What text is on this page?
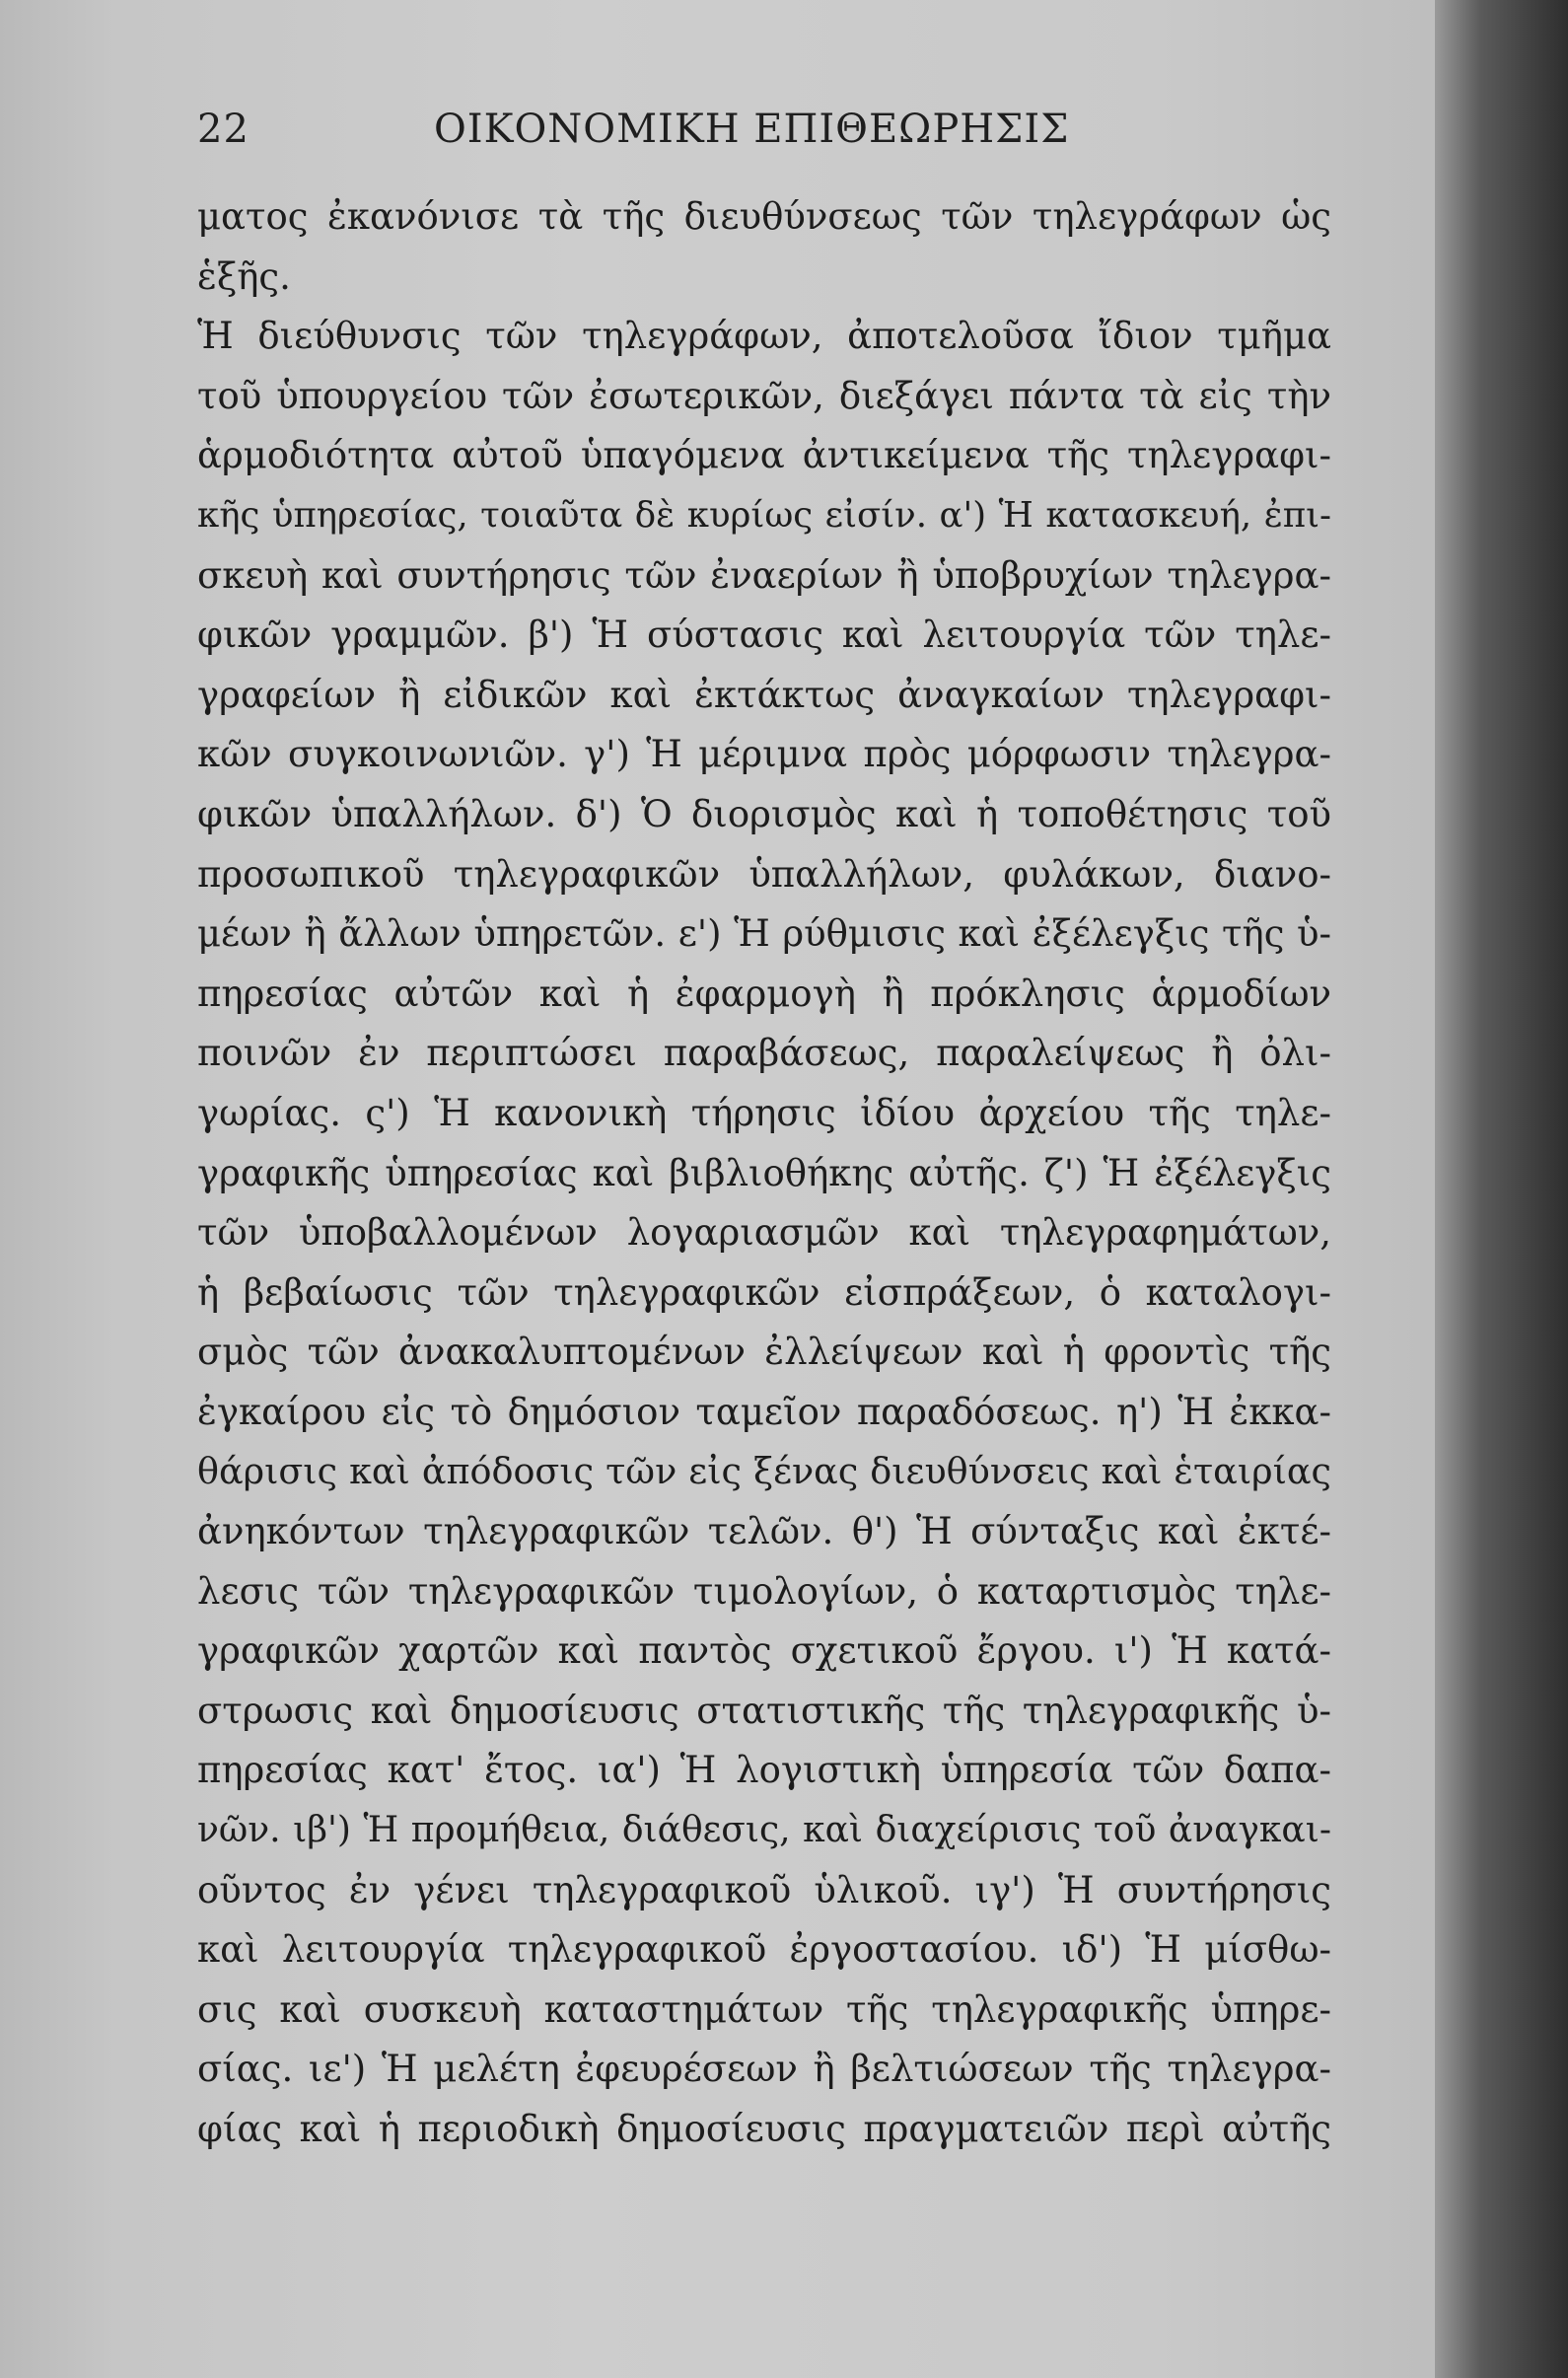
22	ΟΙΚΟΝΟΜΙΚΗ ΕΠΙΘΕΩΡΗΣΙΣ
ματος ἐκανόνισε τὰ τῆς διευθύνσεως τῶν τηλεγράφων ὡς
ἑξῆς.
Ἡ διεύθυνσις τῶν τηλεγράφων, ἀποτελοῦσα ἴδιον τμῆμα
τοῦ ὑπουργείου τῶν ἐσωτερικῶν, διεξάγει πάντα τὰ εἰς τὴν
ἁρμοδιότητα αὐτοῦ ὑπαγόμενα ἀντικείμενα τῆς τηλεγραφι-
κῆς ὑπηρεσίας, τοιαῦτα δὲ κυρίως εἰσίν. α') Ἡ κατασκευή, ἐπι-
σκευὴ καὶ συντήρησις τῶν ἐναερίων ἢ ὑποβρυχίων τηλεγρα-
φικῶν γραμμῶν. β') Ἡ σύστασις καὶ λειτουργία τῶν τηλε-
γραφείων ἢ εἰδικῶν καὶ ἐκτάκτως ἀναγκαίων τηλεγραφι-
κῶν συγκοινωνιῶν. γ') Ἡ μέριμνα πρὸς μόρφωσιν τηλεγρα-
φικῶν ὑπαλλήλων. δ') Ὁ διορισμὸς καὶ ἡ τοποθέτησις τοῦ
προσωπικοῦ τηλεγραφικῶν ὑπαλλήλων, φυλάκων, διανο-
μέων ἢ ἄλλων ὑπηρετῶν. ε') Ἡ ρύθμισις καὶ ἐξέλεγξις τῆς ὑ-
πηρεσίας αὐτῶν καὶ ἡ ἐφαρμογὴ ἢ πρόκλησις ἁρμοδίων
ποινῶν ἐν περιπτώσει παραβάσεως, παραλείψεως ἢ ὀλι-
γωρίας. ς') Ἡ κανονικὴ τήρησις ἰδίου ἀρχείου τῆς τηλε-
γραφικῆς ὑπηρεσίας καὶ βιβλιοθήκης αὐτῆς. ζ') Ἡ ἐξέλεγξις
τῶν ὑποβαλλομένων λογαριασμῶν καὶ τηλεγραφημάτων,
ἡ βεβαίωσις τῶν τηλεγραφικῶν εἰσπράξεων, ὁ καταλογι-
σμὸς τῶν ἀνακαλυπτομένων ἐλλείψεων καὶ ἡ φροντὶς τῆς
ἐγκαίρου εἰς τὸ δημόσιον ταμεῖον παραδόσεως. η') Ἡ ἐκκα-
θάρισις καὶ ἀπόδοσις τῶν εἰς ξένας διευθύνσεις καὶ ἑταιρίας
ἀνηκόντων τηλεγραφικῶν τελῶν. θ') Ἡ σύνταξις καὶ ἐκτέ-
λεσις τῶν τηλεγραφικῶν τιμολογίων, ὁ καταρτισμὸς τηλε-
γραφικῶν χαρτῶν καὶ παντὸς σχετικοῦ ἔργου. ι') Ἡ κατά-
στρωσις καὶ δημοσίευσις στατιστικῆς τῆς τηλεγραφικῆς ὑ-
πηρεσίας κατ' ἔτος. ια') Ἡ λογιστικὴ ὑπηρεσία τῶν δαπα-
νῶν. ιβ') Ἡ προμήθεια, διάθεσις, καὶ διαχείρισις τοῦ ἀναγκαι-
οῦντος ἐν γένει τηλεγραφικοῦ ὑλικοῦ. ιγ') Ἡ συντήρησις
καὶ λειτουργία τηλεγραφικοῦ ἐργοστασίου. ιδ') Ἡ μίσθω-
σις καὶ συσκευὴ καταστημάτων τῆς τηλεγραφικῆς ὑπηρε-
σίας. ιε') Ἡ μελέτη ἐφευρέσεων ἢ βελτιώσεων τῆς τηλεγρα-
φίας καὶ ἡ περιοδικὴ δημοσίευσις πραγματειῶν περὶ αὐτῆς
